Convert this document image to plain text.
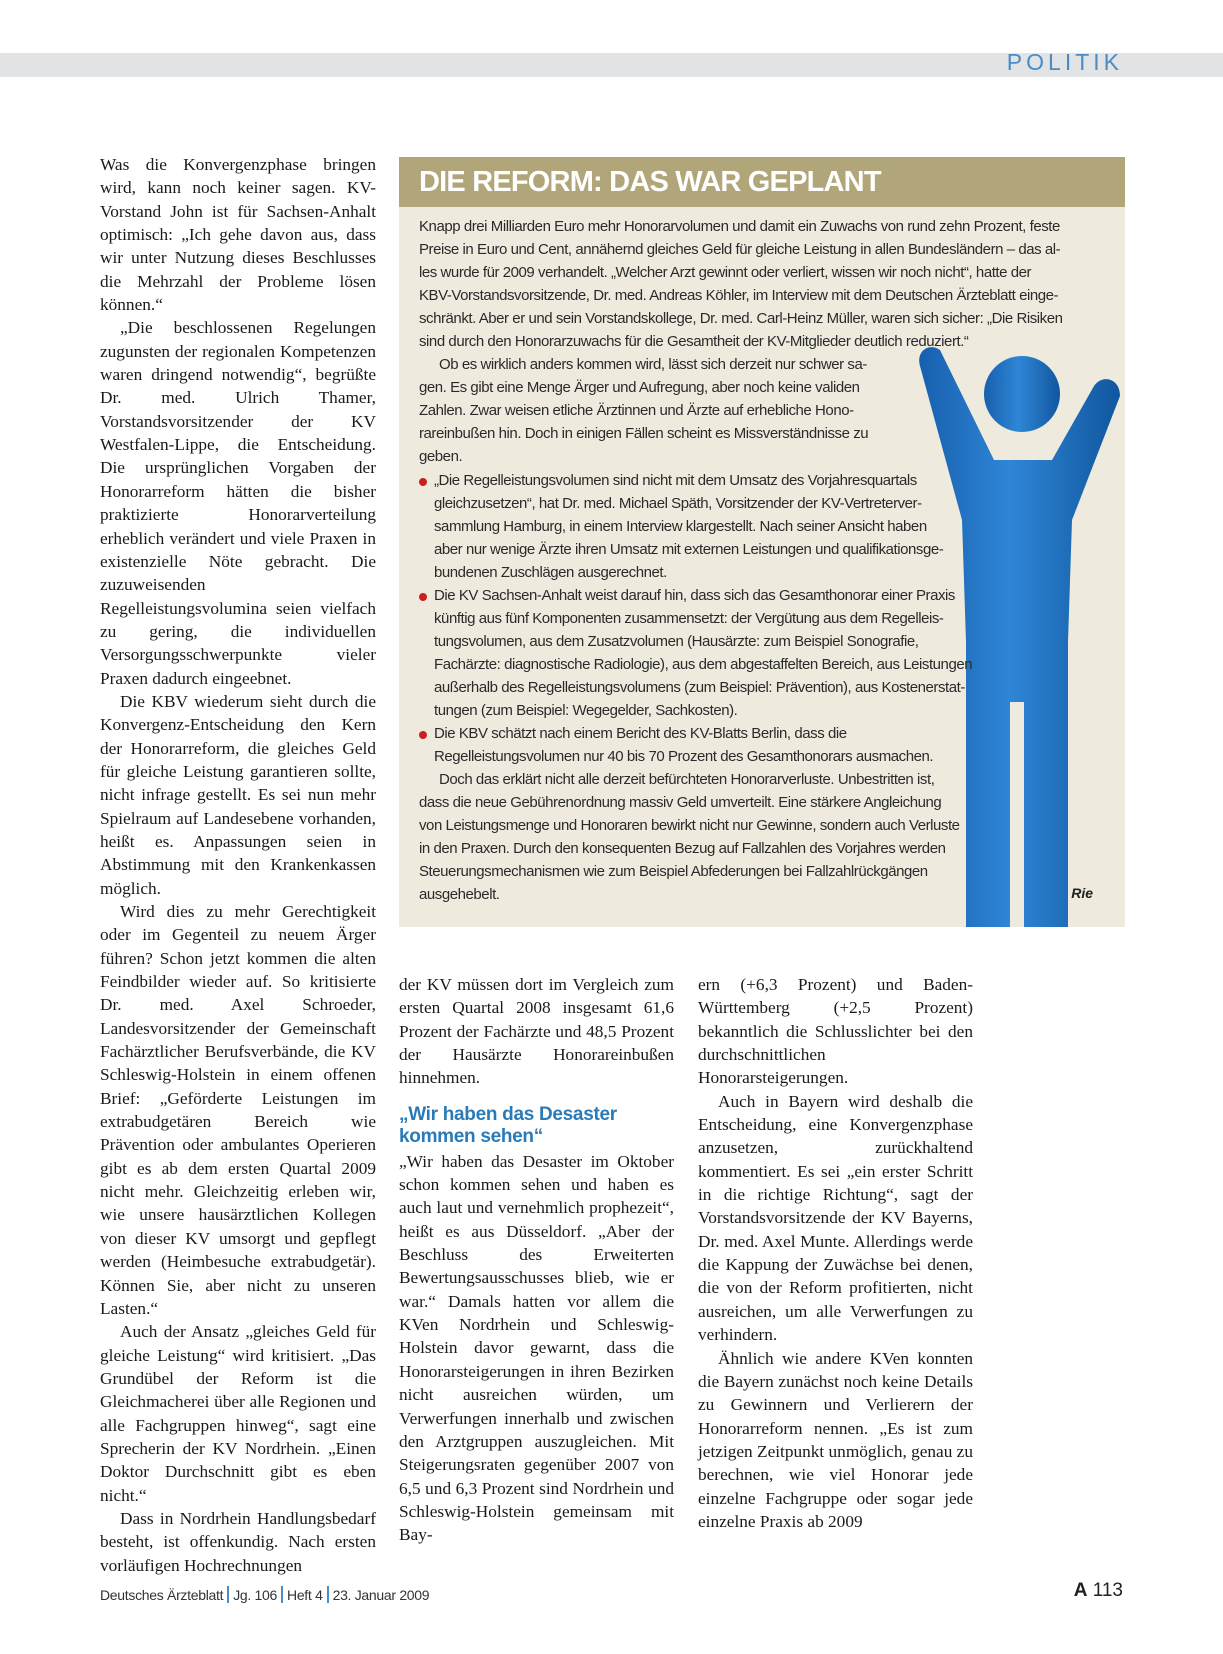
POLITIK

Was die Konvergenzphase bringen wird, kann noch keiner sagen. KV-Vorstand John ist für Sachsen-Anhalt optimisch: „Ich gehe davon aus, dass wir unter Nutzung dieses Beschlusses die Mehrzahl der Probleme lösen können.“

„Die beschlossenen Regelungen zugunsten der regionalen Kompetenzen waren dringend notwendig“, begrüßte Dr. med. Ulrich Thamer, Vorstandsvorsitzender der KV Westfalen-Lippe, die Entscheidung. Die ursprünglichen Vorgaben der Honorarreform hätten die bisher praktizierte Honorarverteilung erheblich verändert und viele Praxen in existenzielle Nöte gebracht. Die zuzuweisenden Regelleistungsvolumina seien vielfach zu gering, die individuellen Versorgungsschwerpunkte vieler Praxen dadurch eingeebnet.

Die KBV wiederum sieht durch die Konvergenz-Entscheidung den Kern der Honorarreform, die gleiches Geld für gleiche Leistung garantieren sollte, nicht infrage gestellt. Es sei nun mehr Spielraum auf Landesebene vorhanden, heißt es. Anpassungen seien in Abstimmung mit den Krankenkassen möglich.

Wird dies zu mehr Gerechtigkeit oder im Gegenteil zu neuem Ärger führen? Schon jetzt kommen die alten Feindbilder wieder auf. So kritisierte Dr. med. Axel Schroeder, Landesvorsitzender der Gemeinschaft Fachärztlicher Berufsverbände, die KV Schleswig-Holstein in einem offenen Brief: „Geförderte Leistungen im extrabudgetären Bereich wie Prävention oder ambulantes Operieren gibt es ab dem ersten Quartal 2009 nicht mehr. Gleichzeitig erleben wir, wie unsere hausärztlichen Kollegen von dieser KV umsorgt und gepflegt werden (Heimbesuche extrabudgetär). Können Sie, aber nicht zu unseren Lasten.“

Auch der Ansatz „gleiches Geld für gleiche Leistung“ wird kritisiert. „Das Grundübel der Reform ist die Gleichmacherei über alle Regionen und alle Fachgruppen hinweg“, sagt eine Sprecherin der KV Nordrhein. „Einen Doktor Durchschnitt gibt es eben nicht.“

Dass in Nordrhein Handlungsbedarf besteht, ist offenkundig. Nach ersten vorläufigen Hochrechnungen

DIE REFORM: DAS WAR GEPLANT
Knapp drei Milliarden Euro mehr Honorarvolumen und damit ein Zuwachs von rund zehn Prozent, feste
Preise in Euro und Cent, annähernd gleiches Geld für gleiche Leistung in allen Bundesländern – das al-
les wurde für 2009 verhandelt. „Welcher Arzt gewinnt oder verliert, wissen wir noch nicht“, hatte der
KBV-Vorstandsvorsitzende, Dr. med. Andreas Köhler, im Interview mit dem Deutschen Ärzteblatt einge-
schränkt. Aber er und sein Vorstandskollege, Dr. med. Carl-Heinz Müller, waren sich sicher: „Die Risiken
sind durch den Honorarzuwachs für die Gesamtheit der KV-Mitglieder deutlich reduziert.“
Ob es wirklich anders kommen wird, lässt sich derzeit nur schwer sa-
gen. Es gibt eine Menge Ärger und Aufregung, aber noch keine validen
Zahlen. Zwar weisen etliche Ärztinnen und Ärzte auf erhebliche Hono-
rareinbußen hin. Doch in einigen Fällen scheint es Missverständnisse zu
geben.
„Die Regelleistungsvolumen sind nicht mit dem Umsatz des Vorjahresquartals
gleichzusetzen“, hat Dr. med. Michael Späth, Vorsitzender der KV-Vertreterver-
sammlung Hamburg, in einem Interview klargestellt. Nach seiner Ansicht haben
aber nur wenige Ärzte ihren Umsatz mit externen Leistungen und qualifikationsge-
bundenen Zuschlägen ausgerechnet.
Die KV Sachsen-Anhalt weist darauf hin, dass sich das Gesamthonorar einer Praxis
künftig aus fünf Komponenten zusammensetzt: der Vergütung aus dem Regelleis-
tungsvolumen, aus dem Zusatzvolumen (Hausärzte: zum Beispiel Sonografie,
Fachärzte: diagnostische Radiologie), aus dem abgestaffelten Bereich, aus Leistungen
außerhalb des Regelleistungsvolumens (zum Beispiel: Prävention), aus Kostenerstat-
tungen (zum Beispiel: Wegegelder, Sachkosten).
Die KBV schätzt nach einem Bericht des KV-Blatts Berlin, dass die
Regelleistungsvolumen nur 40 bis 70 Prozent des Gesamthonorars ausmachen.
Doch das erklärt nicht alle derzeit befürchteten Honorarverluste. Unbestritten ist,
dass die neue Gebührenordnung massiv Geld umverteilt. Eine stärkere Angleichung
von Leistungsmenge und Honoraren bewirkt nicht nur Gewinne, sondern auch Verluste
in den Praxen. Durch den konsequenten Bezug auf Fallzahlen des Vorjahres werden
Steuerungsmechanismen wie zum Beispiel Abfederungen bei Fallzahlrückgängen
ausgehebelt.	Rie

der KV müssen dort im Vergleich zum ersten Quartal 2008 insgesamt 61,6 Prozent der Fachärzte und 48,5 Prozent der Hausärzte Honorareinbußen hinnehmen.

„Wir haben das Desaster kommen sehen“

„Wir haben das Desaster im Oktober schon kommen sehen und haben es auch laut und vernehmlich prophezeit“, heißt es aus Düsseldorf. „Aber der Beschluss des Erweiterten Bewertungsausschusses blieb, wie er war.“ Damals hatten vor allem die KVen Nordrhein und Schleswig-Holstein davor gewarnt, dass die Honorarsteigerungen in ihren Bezirken nicht ausreichen würden, um Verwerfungen innerhalb und zwischen den Arztgruppen auszugleichen. Mit Steigerungsraten gegenüber 2007 von 6,5 und 6,3 Prozent sind Nordrhein und Schleswig-Holstein gemeinsam mit Bay-

ern (+6,3 Prozent) und Baden-Württemberg (+2,5 Prozent) bekanntlich die Schlusslichter bei den durchschnittlichen Honorarsteigerungen.

Auch in Bayern wird deshalb die Entscheidung, eine Konvergenzphase anzusetzen, zurückhaltend kommentiert. Es sei „ein erster Schritt in die richtige Richtung“, sagt der Vorstandsvorsitzende der KV Bayerns, Dr. med. Axel Munte. Allerdings werde die Kappung der Zuwächse bei denen, die von der Reform profitierten, nicht ausreichen, um alle Verwerfungen zu verhindern.

Ähnlich wie andere KVen konnten die Bayern zunächst noch keine Details zu Gewinnern und Verlierern der Honorarreform nennen. „Es ist zum jetzigen Zeitpunkt unmöglich, genau zu berechnen, wie viel Honorar jede einzelne Fachgruppe oder sogar jede einzelne Praxis ab 2009

Deutsches Ärzteblatt Jg. 106 Heft 4 23. Januar 2009	A 113
